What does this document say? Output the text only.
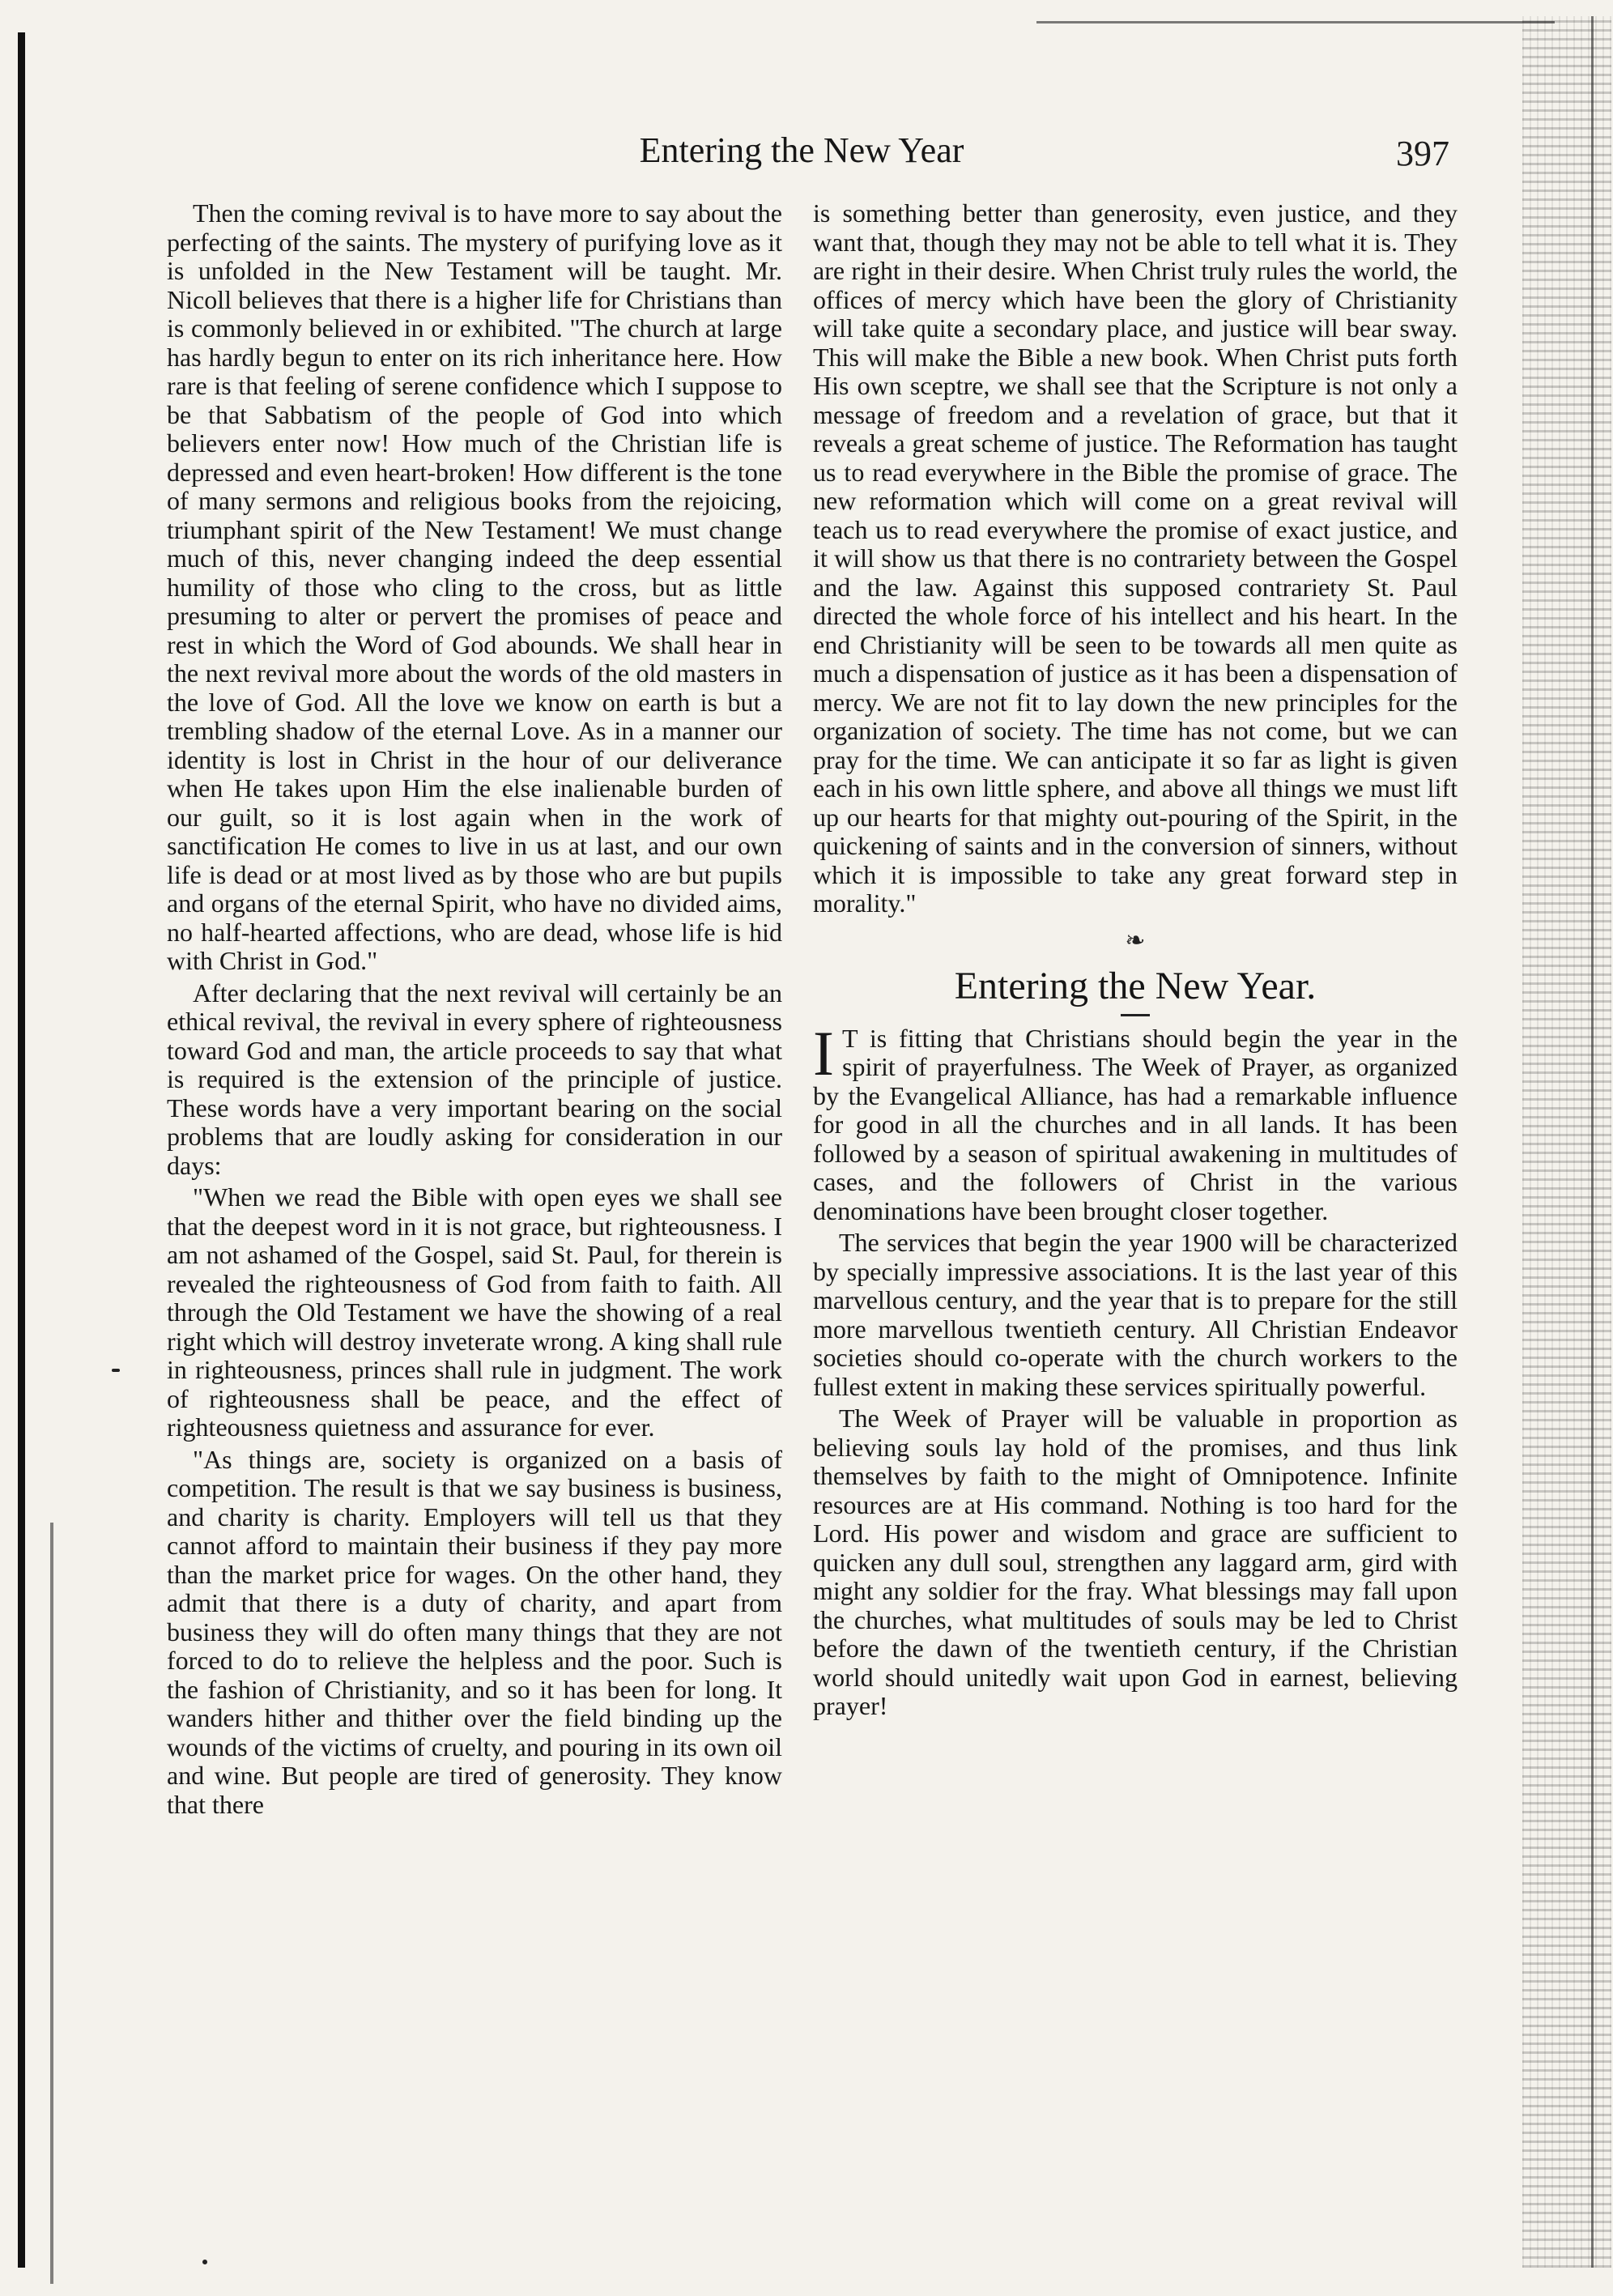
Entering the New Year	397

Then the coming revival is to have more to say about the perfecting of the saints. The mystery of purifying love as it is unfolded in the New Testament will be taught. Mr. Nicoll believes that there is a higher life for Christians than is commonly believed in or exhibited. "The church at large has hardly begun to enter on its rich inheritance here. How rare is that feeling of serene confidence which I suppose to be that Sabbatism of the people of God into which believers enter now! How much of the Christian life is depressed and even heart-broken! How different is the tone of many sermons and religious books from the rejoicing, triumphant spirit of the New Testament! We must change much of this, never changing indeed the deep essential humility of those who cling to the cross, but as little presuming to alter or pervert the promises of peace and rest in which the Word of God abounds. We shall hear in the next revival more about the words of the old masters in the love of God. All the love we know on earth is but a trembling shadow of the eternal Love. As in a manner our identity is lost in Christ in the hour of our deliverance when He takes upon Him the else inalienable burden of our guilt, so it is lost again when in the work of sanctification He comes to live in us at last, and our own life is dead or at most lived as by those who are but pupils and organs of the eternal Spirit, who have no divided aims, no half-hearted affections, who are dead, whose life is hid with Christ in God."

After declaring that the next revival will certainly be an ethical revival, the revival in every sphere of righteousness toward God and man, the article proceeds to say that what is required is the extension of the principle of justice. These words have a very important bearing on the social problems that are loudly asking for consideration in our days:

"When we read the Bible with open eyes we shall see that the deepest word in it is not grace, but righteousness. I am not ashamed of the Gospel, said St. Paul, for therein is revealed the righteousness of God from faith to faith. All through the Old Testament we have the showing of a real right which will destroy inveterate wrong. A king shall rule in righteousness, princes shall rule in judgment. The work of righteousness shall be peace, and the effect of righteousness quietness and assurance for ever.

"As things are, society is organized on a basis of competition. The result is that we say business is business, and charity is charity. Employers will tell us that they cannot afford to maintain their business if they pay more than the market price for wages. On the other hand, they admit that there is a duty of charity, and apart from business they will do often many things that they are not forced to do to relieve the helpless and the poor. Such is the fashion of Christianity, and so it has been for long. It wanders hither and thither over the field binding up the wounds of the victims of cruelty, and pouring in its own oil and wine. But people are tired of generosity. They know that there

is something better than generosity, even justice, and they want that, though they may not be able to tell what it is. They are right in their desire. When Christ truly rules the world, the offices of mercy which have been the glory of Christianity will take quite a secondary place, and justice will bear sway. This will make the Bible a new book. When Christ puts forth His own sceptre, we shall see that the Scripture is not only a message of freedom and a revelation of grace, but that it reveals a great scheme of justice. The Reformation has taught us to read everywhere in the Bible the promise of grace. The new reformation which will come on a great revival will teach us to read everywhere the promise of exact justice, and it will show us that there is no contrariety between the Gospel and the law. Against this supposed contrariety St. Paul directed the whole force of his intellect and his heart. In the end Christianity will be seen to be towards all men quite as much a dispensation of justice as it has been a dispensation of mercy. We are not fit to lay down the new principles for the organization of society. The time has not come, but we can pray for the time. We can anticipate it so far as light is given each in his own little sphere, and above all things we must lift up our hearts for that mighty out-pouring of the Spirit, in the quickening of saints and in the conversion of sinners, without which it is impossible to take any great forward step in morality."

❧
Entering the New Year.

I T is fitting that Christians should begin the year in the spirit of prayerfulness. The Week of Prayer, as organized by the Evangelical Alliance, has had a remarkable influence for good in all the churches and in all lands. It has been followed by a season of spiritual awakening in multitudes of cases, and the followers of Christ in the various denominations have been brought closer together.

The services that begin the year 1900 will be characterized by specially impressive associations. It is the last year of this marvellous century, and the year that is to prepare for the still more marvellous twentieth century. All Christian Endeavor societies should co-operate with the church workers to the fullest extent in making these services spiritually powerful.

The Week of Prayer will be valuable in proportion as believing souls lay hold of the promises, and thus link themselves by faith to the might of Omnipotence. Infinite resources are at His command. Nothing is too hard for the Lord. His power and wisdom and grace are sufficient to quicken any dull soul, strengthen any laggard arm, gird with might any soldier for the fray. What blessings may fall upon the churches, what multitudes of souls may be led to Christ before the dawn of the twentieth century, if the Christian world should unitedly wait upon God in earnest, believing prayer!
